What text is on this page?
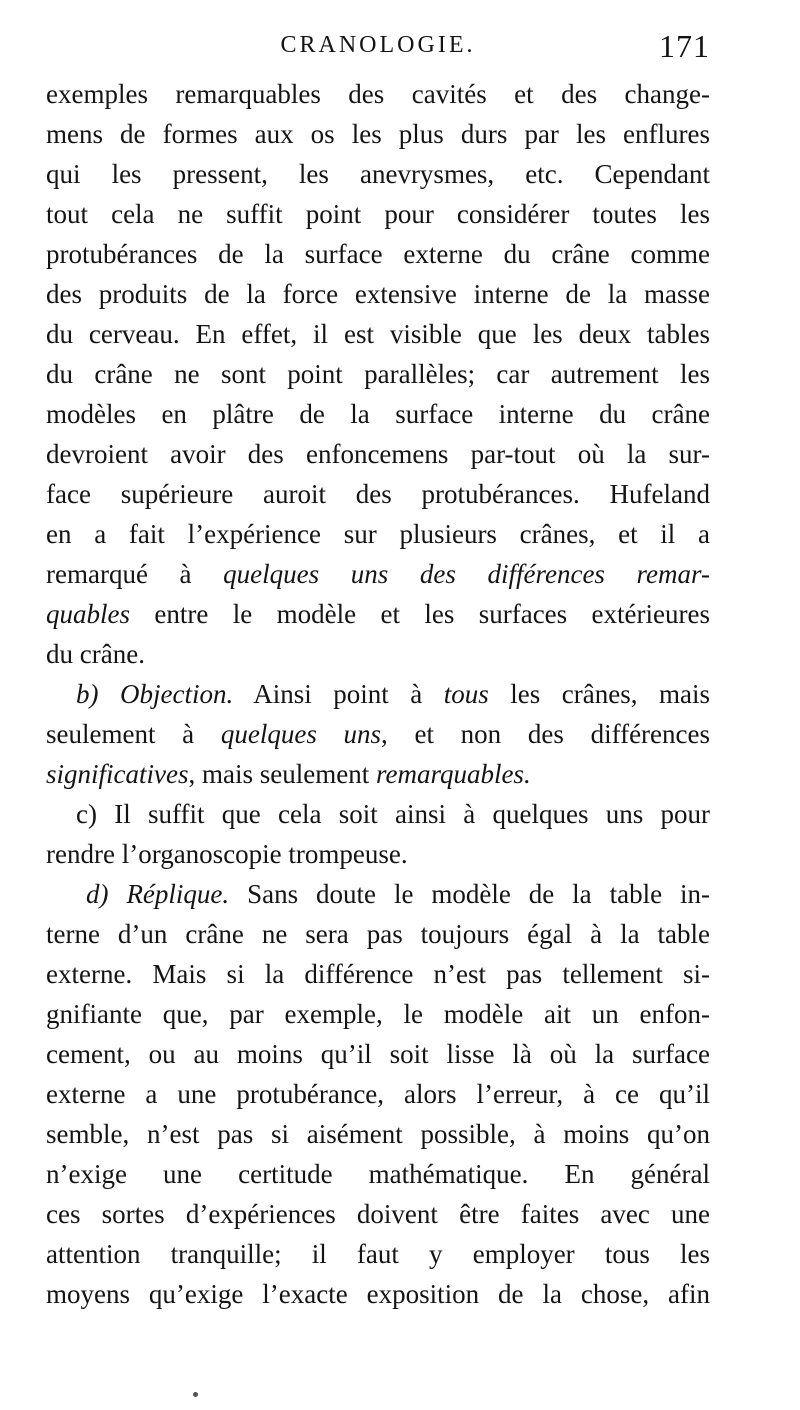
CRANOLOGIE.	171
exemples remarquables des cavités et des change-
mens de formes aux os les plus durs par les enflures
qui les pressent, les anevrysmes, etc. Cependant
tout cela ne suffit point pour considérer toutes les
protubérances de la surface externe du crâne comme
des produits de la force extensive interne de la masse
du cerveau. En effet, il est visible que les deux tables
du crâne ne sont point parallèles; car autrement les
modèles en plâtre de la surface interne du crâne
devroient avoir des enfoncemens par-tout où la sur-
face supérieure auroit des protubérances. Hufeland
en a fait l’expérience sur plusieurs crânes, et il a
remarqué à quelques uns des différences remar-
quables entre le modèle et les surfaces extérieures
du crâne.
b) Objection. Ainsi point à tous les crânes, mais
seulement à quelques uns, et non des différences
significatives, mais seulement remarquables.
c) Il suffit que cela soit ainsi à quelques uns pour
rendre l’organoscopie trompeuse.
d) Réplique. Sans doute le modèle de la table in-
terne d’un crâne ne sera pas toujours égal à la table
externe. Mais si la différence n’est pas tellement si-
gnifiante que, par exemple, le modèle ait un enfon-
cement, ou au moins qu’il soit lisse là où la surface
externe a une protubérance, alors l’erreur, à ce qu’il
semble, n’est pas si aisément possible, à moins qu’on
n’exige une certitude mathématique. En général
ces sortes d’expériences doivent être faites avec une
attention tranquille; il faut y employer tous les
moyens qu’exige l’exacte exposition de la chose, afin
